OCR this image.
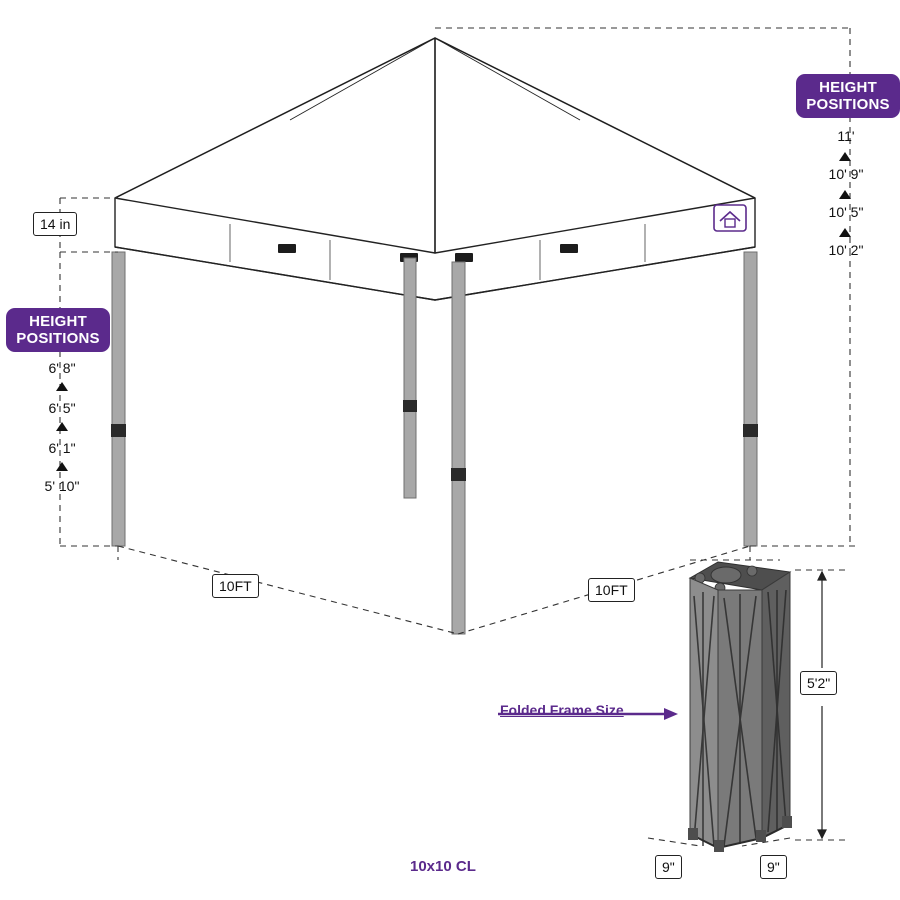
HEIGHT
POSITIONS
HEIGHT
POSITIONS
14 in
6' 8"
6' 5"
6' 1"
5' 10"
11'
10' 9"
10' 5"
10' 2"
10FT	10FT
Folded Frame Size
5'2"
9"	9"
10x10 CL
